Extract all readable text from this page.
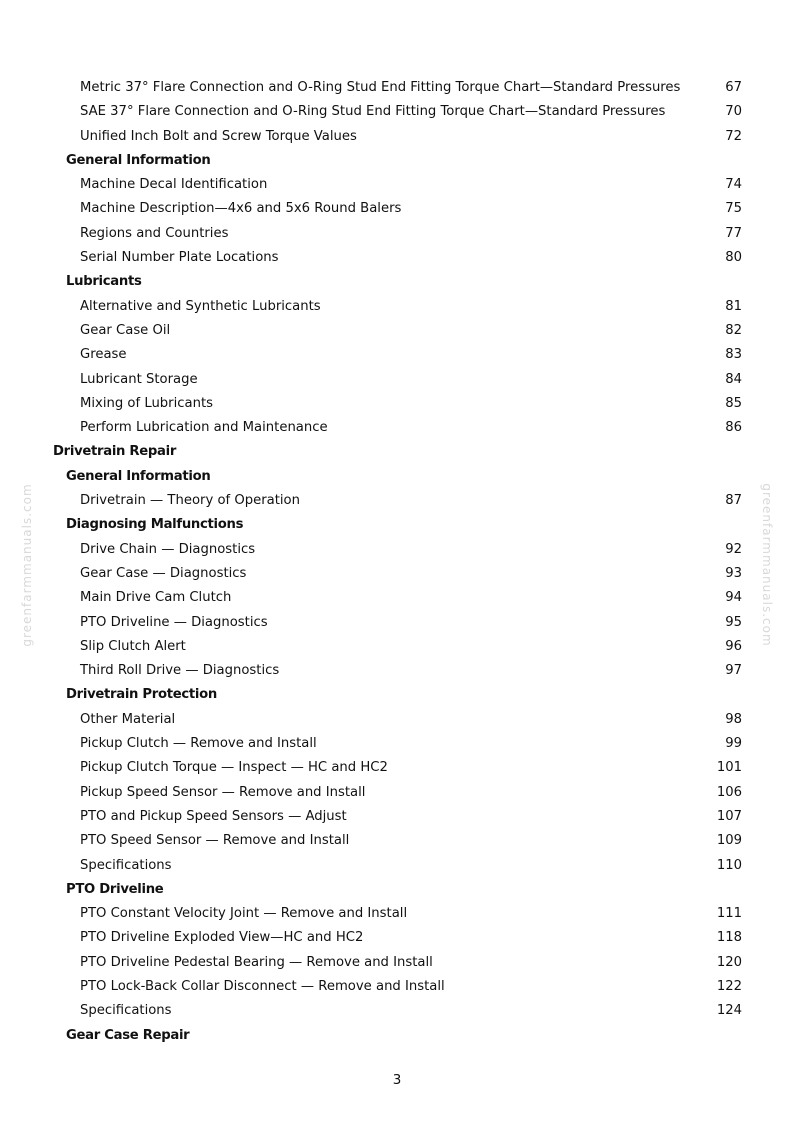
Metric 37° Flare Connection and O-Ring Stud End Fitting Torque Chart—Standard Pressures	67
SAE 37° Flare Connection and O-Ring Stud End Fitting Torque Chart—Standard Pressures	70
Unified Inch Bolt and Screw Torque Values	72
General Information
Machine Decal Identification	74
Machine Description—4x6 and 5x6 Round Balers	75
Regions and Countries	77
Serial Number Plate Locations	80
Lubricants
Alternative and Synthetic Lubricants	81
Gear Case Oil	82
Grease	83
Lubricant Storage	84
Mixing of Lubricants	85
Perform Lubrication and Maintenance	86
Drivetrain Repair
General Information
Drivetrain — Theory of Operation	87
Diagnosing Malfunctions
Drive Chain — Diagnostics	92
Gear Case — Diagnostics	93
Main Drive Cam Clutch	94
PTO Driveline — Diagnostics	95
Slip Clutch Alert	96
Third Roll Drive — Diagnostics	97
Drivetrain Protection
Other Material	98
Pickup Clutch — Remove and Install	99
Pickup Clutch Torque — Inspect — HC and HC2	101
Pickup Speed Sensor — Remove and Install	106
PTO and Pickup Speed Sensors — Adjust	107
PTO Speed Sensor — Remove and Install	109
Specifications	110
PTO Driveline
PTO Constant Velocity Joint — Remove and Install	111
PTO Driveline Exploded View—HC and HC2	118
PTO Driveline Pedestal Bearing — Remove and Install	120
PTO Lock-Back Collar Disconnect — Remove and Install	122
Specifications	124
Gear Case Repair
greenfarmmanuals.com	greenfarmmanuals.com
3
